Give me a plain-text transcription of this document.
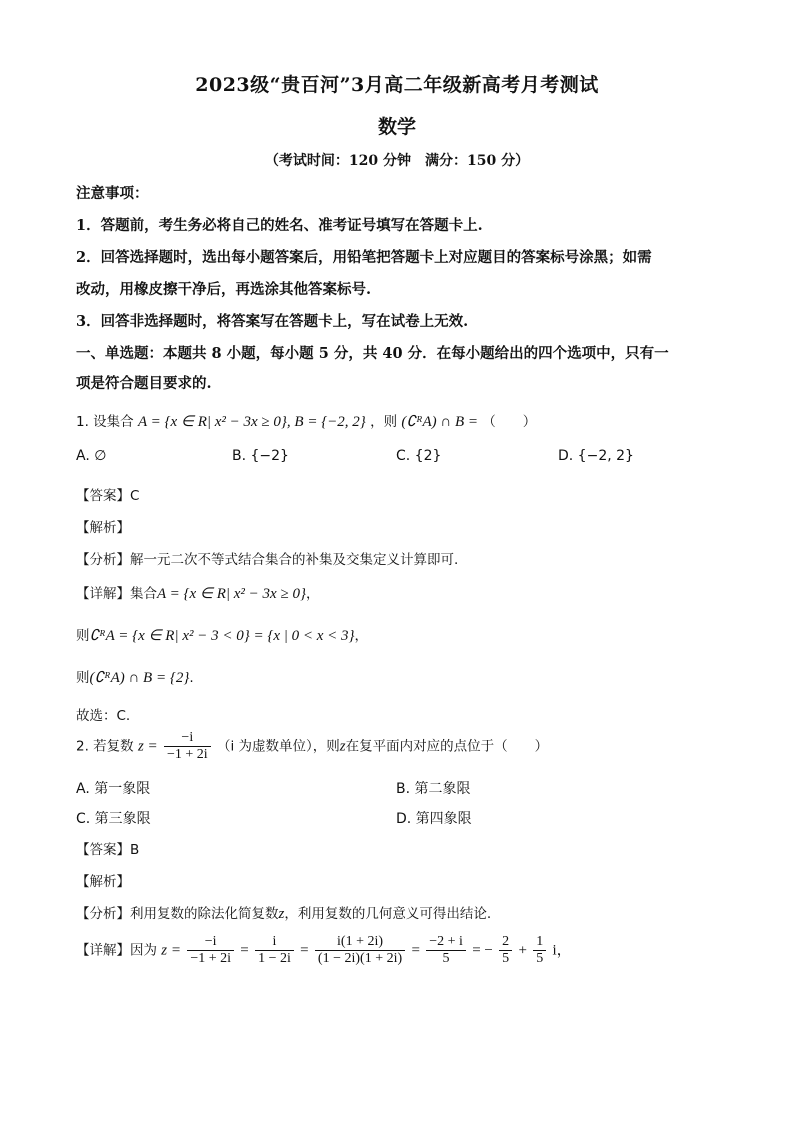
2023级“贵百河”3月高二年级新高考月考测试
数学
（考试时间：120 分钟　满分：150 分）
注意事项：
1．答题前，考生务必将自己的姓名、准考证号填写在答题卡上.
2．回答选择题时，选出每小题答案后，用铅笔把答题卡上对应题目的答案标号涂黑；如需
改动，用橡皮擦干净后，再选涂其他答案标号.
3．回答非选择题时，将答案写在答题卡上，写在试卷上无效.
一、单选题：本题共 8 小题，每小题 5 分，共 40 分．在每小题给出的四个选项中，只有一
项是符合题目要求的.
1. 设集合 A = {x ∈ R| x² − 3x ≥ 0}, B = {−2, 2} ，则 (∁ᴿA) ∩ B = （　　）
A. ∅	B. {−2}	C. {2}	D. {−2, 2}
【答案】C
【解析】
【分析】解一元二次不等式结合集合的补集及交集定义计算即可.
【详解】集合A = {x ∈ R| x² − 3x ≥ 0}，
则∁ᴿA = {x ∈ R| x² − 3 < 0} = {x | 0 < x < 3}，
则(∁ᴿA) ∩ B = {2}.
故选：C.
2. 若复数 $z = \frac{-i}{-1 + 2i} (i$ 为虚数单位），则z在复平面内对应的点位于（　　）
A. 第一象限	B. 第二象限
C. 第三象限	D. 第四象限
【答案】B
【解析】
【分析】利用复数的除法化简复数z，利用复数的几何意义可得出结论.
【详解】因为 $z = \frac{-i}{-1 + 2i} = \frac{i}{1 - 2i} = \frac{i(1 + 2i)}{(1 - 2i)(1 + 2i)} = \frac{-2 + i}{5}$ = − $\frac{2}{5} + \frac{1}{5}$ i，
